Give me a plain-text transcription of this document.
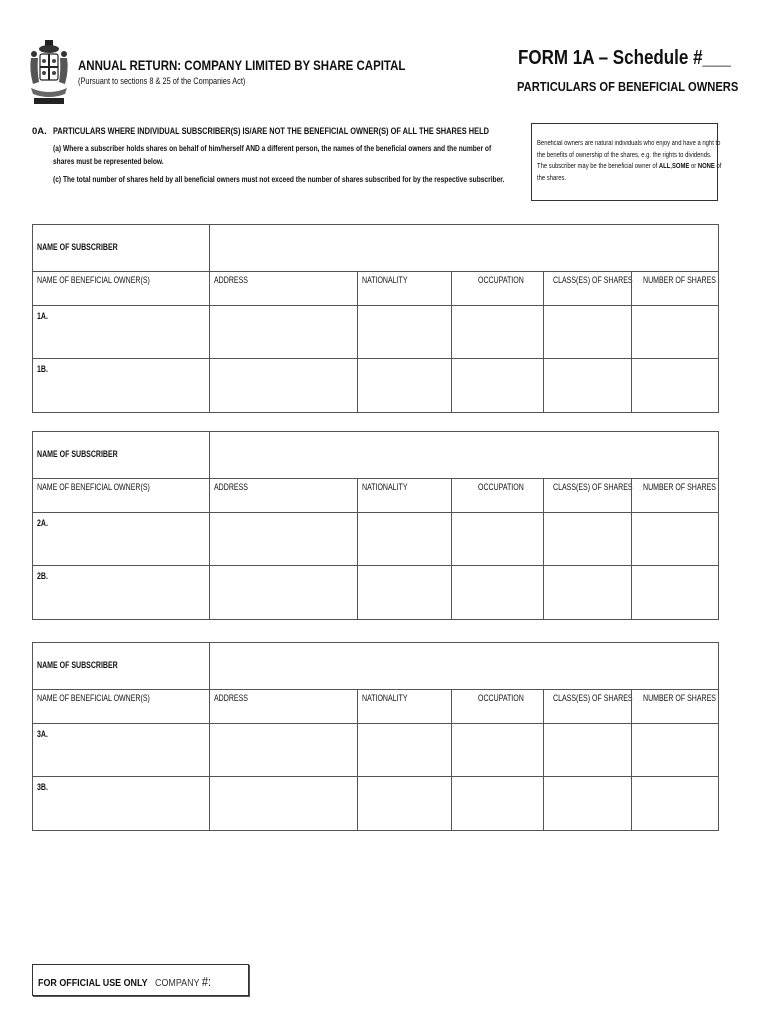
ANNUAL RETURN: COMPANY LIMITED BY SHARE CAPITAL
(Pursuant to sections 8 & 25 of the Companies Act)
FORM 1A – Schedule #___
PARTICULARS OF BENEFICIAL OWNERS
0A. PARTICULARS WHERE INDIVIDUAL SUBSCRIBER(S) IS/ARE NOT THE BENEFICIAL OWNER(S) OF ALL THE SHARES HELD
(a) Where a subscriber holds shares on behalf of him/herself AND a different person, the names of the beneficial owners and the number of shares must be represented below.
(c) The total number of shares held by all beneficial owners must not exceed the number of shares subscribed for by the respective subscriber.
Beneficial owners are natural individuals who enjoy and have a right to
the benefits of ownership of the shares, e.g. the rights to dividends.
The subscriber may be the beneficial owner of ALL,SOME or NONE of
the shares.
NAME OF SUBSCRIBER
NAME OF BENEFICIAL OWNER(S)	ADDRESS	NATIONALITY	OCCUPATION	CLASS(ES) OF SHARES	NUMBER OF SHARES
1A.
1B.
NAME OF SUBSCRIBER
NAME OF BENEFICIAL OWNER(S)	ADDRESS	NATIONALITY	OCCUPATION	CLASS(ES) OF SHARES	NUMBER OF SHARES
2A.
2B.
NAME OF SUBSCRIBER
NAME OF BENEFICIAL OWNER(S)	ADDRESS	NATIONALITY	OCCUPATION	CLASS(ES) OF SHARES	NUMBER OF SHARES
3A.
3B.
FOR OFFICIAL USE ONLY COMPANY #:
